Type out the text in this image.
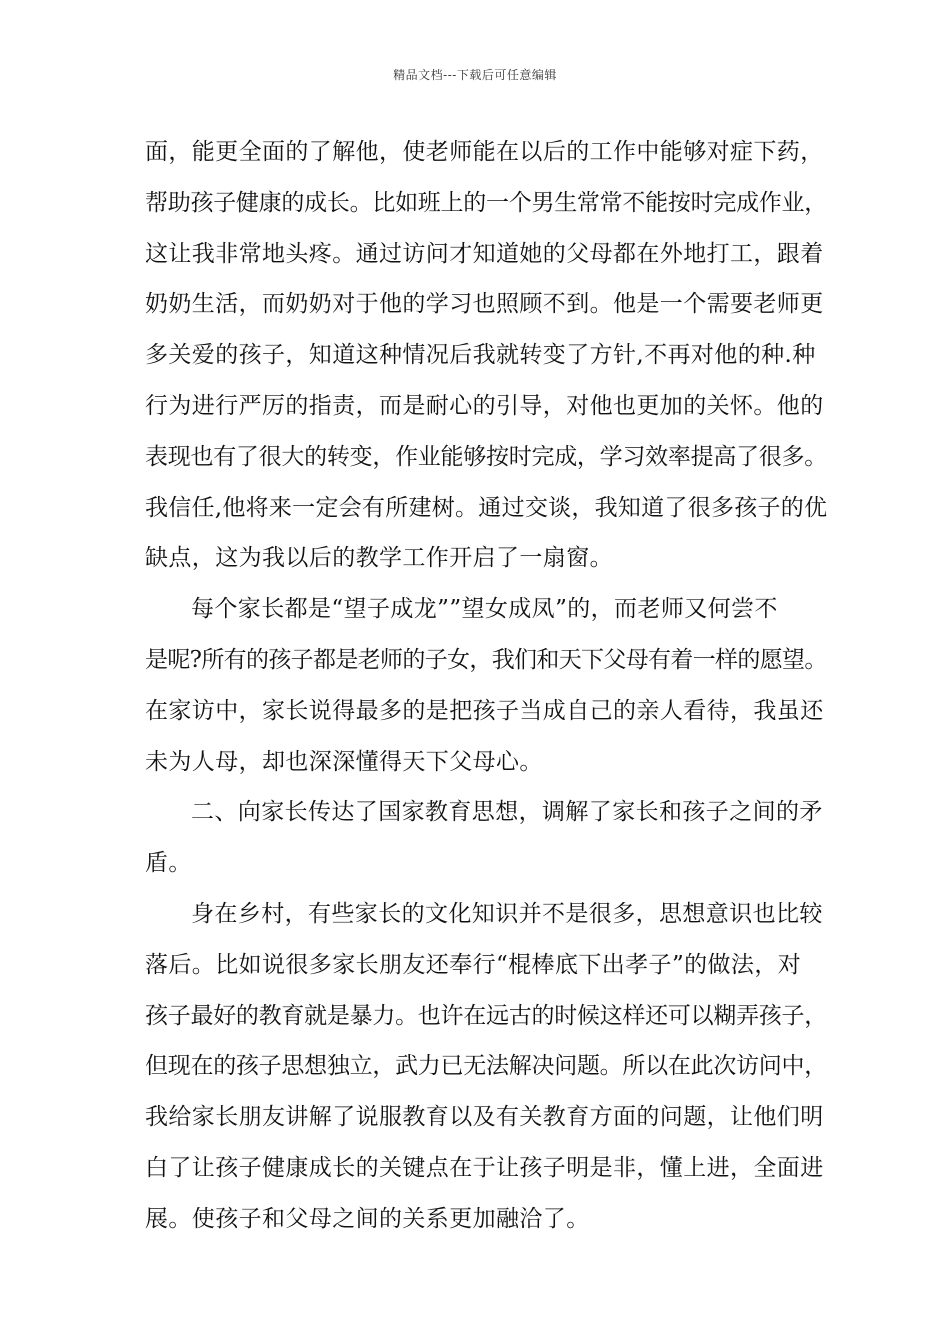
精品文档---下载后可任意编辑
面，能更全面的了解他，使老师能在以后的工作中能够对症下药，
帮助孩子健康的成长。比如班上的一个男生常常不能按时完成作业，
这让我非常地头疼。通过访问才知道她的父母都在外地打工，跟着
奶奶生活，而奶奶对于他的学习也照顾不到。他是一个需要老师更
多关爱的孩子，知道这种情况后我就转变了方针,不再对他的种.种
行为进行严厉的指责，而是耐心的引导，对他也更加的关怀。他的
表现也有了很大的转变，作业能够按时完成，学习效率提高了很多。
我信任,他将来一定会有所建树。通过交谈，我知道了很多孩子的优
缺点，这为我以后的教学工作开启了一扇窗。
每个家长都是“望子成龙””望女成凤”的，而老师又何尝不
是呢?所有的孩子都是老师的子女，我们和天下父母有着一样的愿望。
在家访中，家长说得最多的是把孩子当成自己的亲人看待，我虽还
未为人母，却也深深懂得天下父母心。
二、向家长传达了国家教育思想，调解了家长和孩子之间的矛
盾。
身在乡村，有些家长的文化知识并不是很多，思想意识也比较
落后。比如说很多家长朋友还奉行“棍棒底下出孝子”的做法，对
孩子最好的教育就是暴力。也许在远古的时候这样还可以糊弄孩子，
但现在的孩子思想独立，武力已无法解决问题。所以在此次访问中，
我给家长朋友讲解了说服教育以及有关教育方面的问题，让他们明
白了让孩子健康成长的关键点在于让孩子明是非，懂上进，全面进
展。使孩子和父母之间的关系更加融洽了。
